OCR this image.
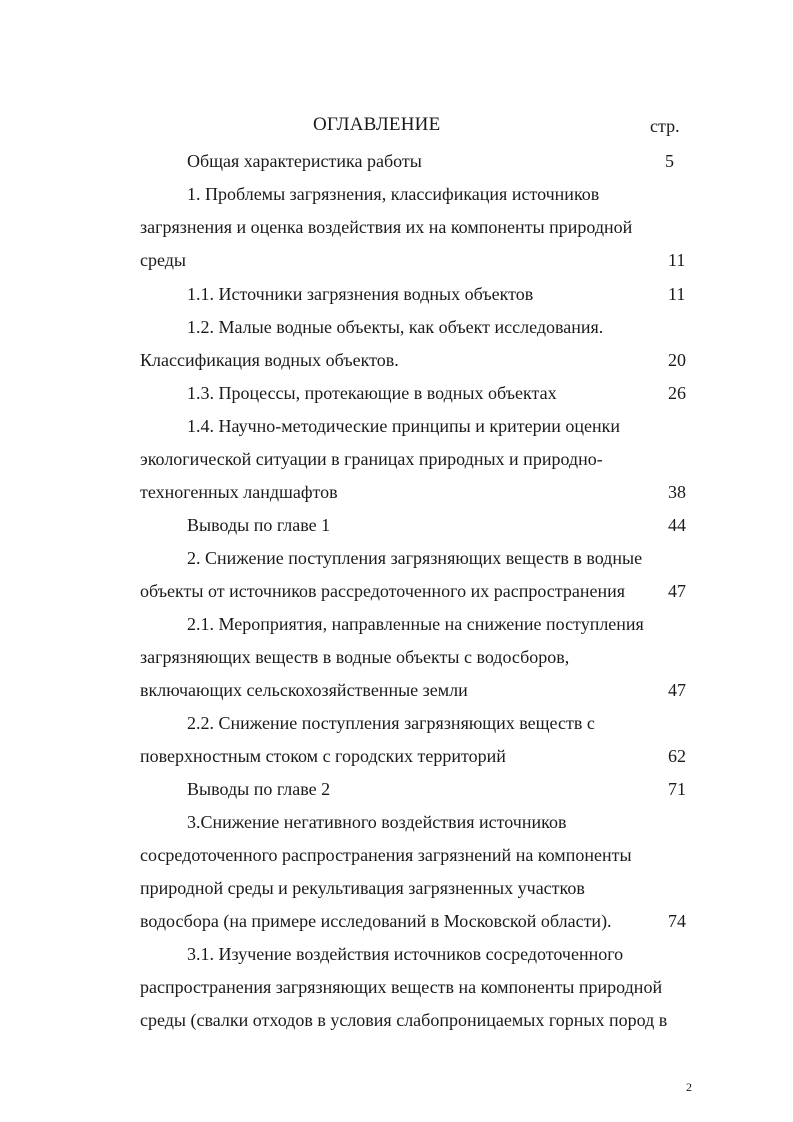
ОГЛАВЛЕНИЕ	стр.
Общая характеристика работы	5
1. Проблемы загрязнения, классификация источников
загрязнения и оценка воздействия их на компоненты природной
среды	11
1.1. Источники загрязнения водных объектов	11
1.2. Малые водные объекты, как объект исследования.
Классификация водных объектов.	20
1.3. Процессы, протекающие в водных объектах	26
1.4. Научно-методические принципы и критерии оценки
экологической ситуации в границах природных и природно-
техногенных ландшафтов	38
Выводы по главе 1	44
2. Снижение поступления загрязняющих веществ в водные
объекты от источников рассредоточенного их распространения 47
2.1. Мероприятия, направленные на снижение поступления
загрязняющих веществ в водные объекты с водосборов,
включающих сельскохозяйственные земли	47
2.2. Снижение поступления загрязняющих веществ с
поверхностным стоком с городских территорий	62
Выводы по главе 2	71
3.Снижение негативного воздействия источников
сосредоточенного распространения загрязнений на компоненты
природной среды и рекультивация загрязненных участков
водосбора (на примере исследований в Московской области).	74
3.1. Изучение воздействия источников сосредоточенного
распространения загрязняющих веществ на компоненты природной
среды (свалки отходов в условия слабопроницаемых горных пород в
2
